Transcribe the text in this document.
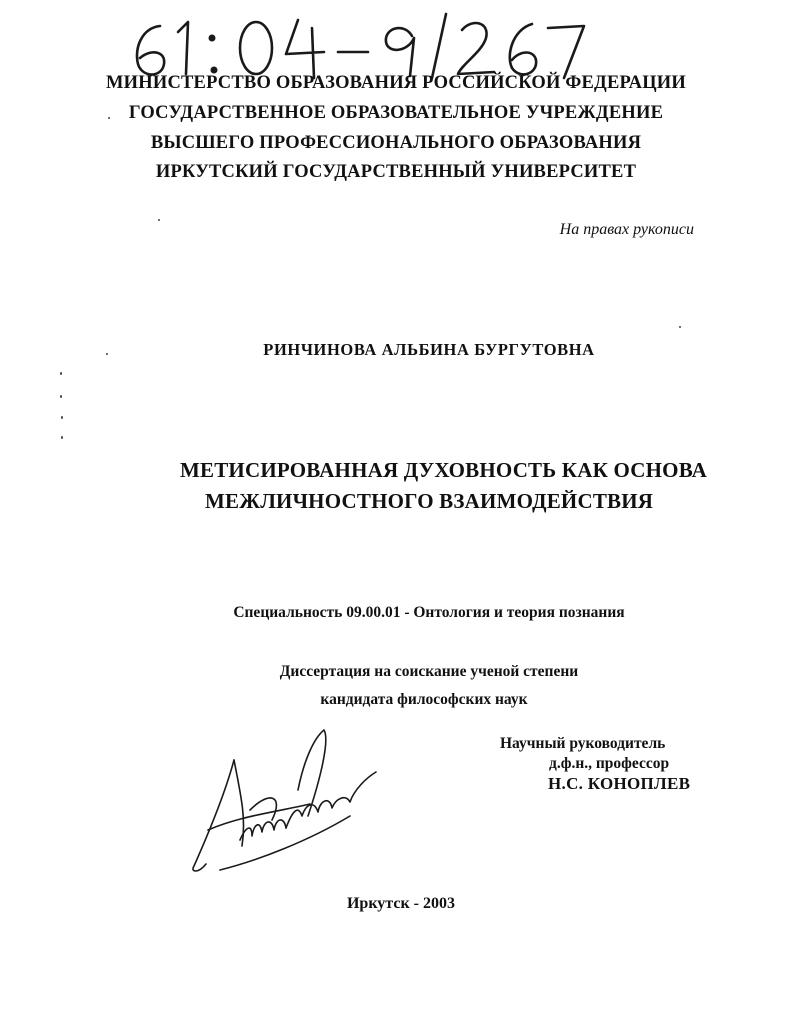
МИНИСТЕРСТВО ОБРАЗОВАНИЯ РОССИЙСКОЙ ФЕДЕРАЦИИ
ГОСУДАРСТВЕННОЕ ОБРАЗОВАТЕЛЬНОЕ УЧРЕЖДЕНИЕ
ВЫСШЕГО ПРОФЕССИОНАЛЬНОГО ОБРАЗОВАНИЯ
ИРКУТСКИЙ ГОСУДАРСТВЕННЫЙ УНИВЕРСИТЕТ
На правах рукописи
РИНЧИНОВА АЛЬБИНА БУРГУТОВНА
МЕТИСИРОВАННАЯ ДУХОВНОСТЬ КАК ОСНОВА
МЕЖЛИЧНОСТНОГО ВЗАИМОДЕЙСТВИЯ
Специальность 09.00.01 - Онтология и теория познания
Диссертация на соискание ученой степени
кандидата философских наук
Научный руководитель
д.ф.н., профессор
Н.С. КОНОПЛЕВ
Иркутск - 2003
